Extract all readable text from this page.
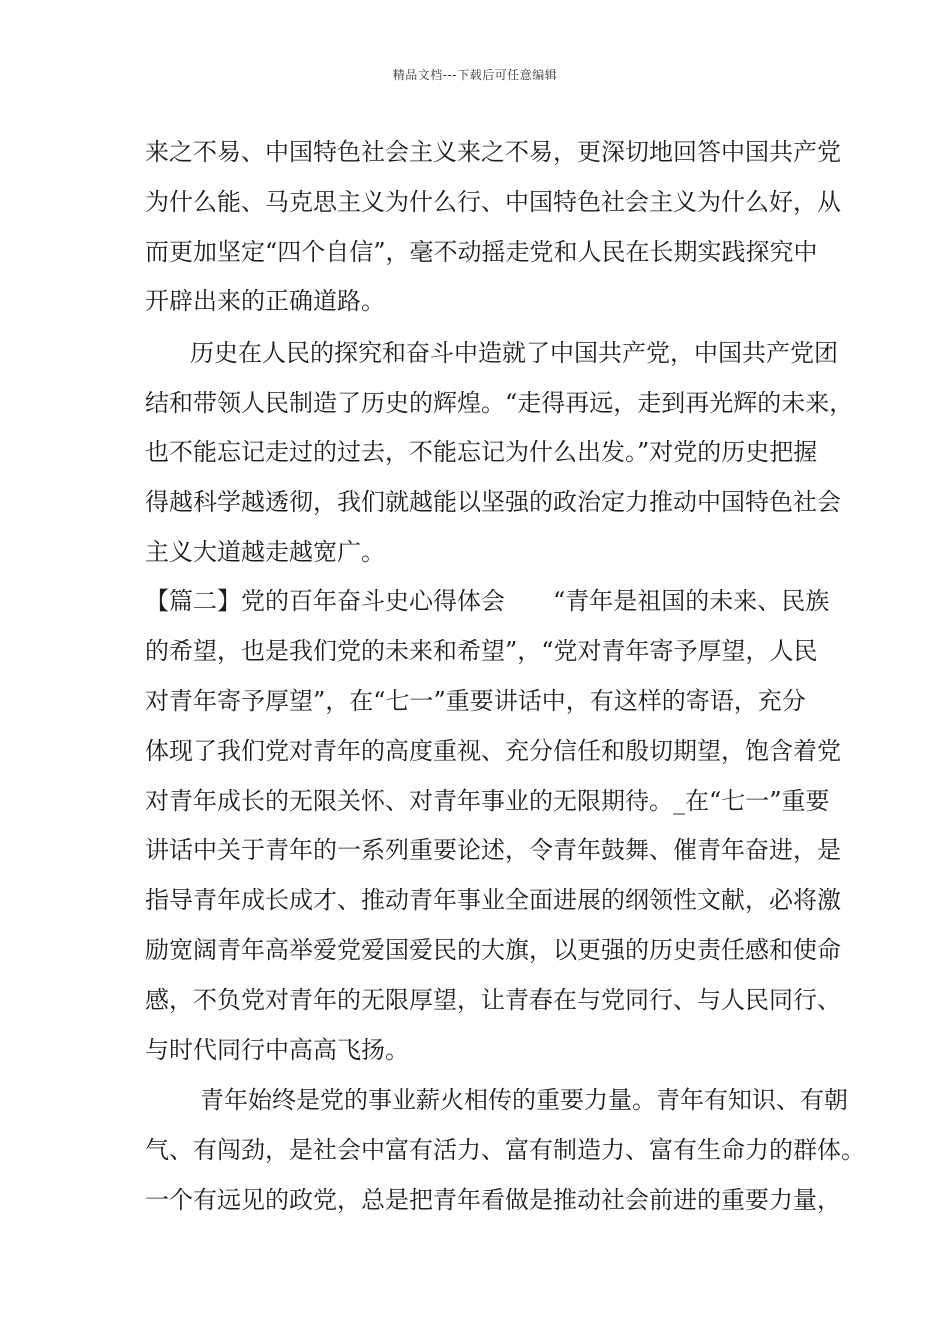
精品文档---下载后可任意编辑
来之不易、中国特色社会主义来之不易，更深切地回答中国共产党
为什么能、马克思主义为什么行、中国特色社会主义为什么好，从
而更加坚定“四个自信”，毫不动摇走党和人民在长期实践探究中
开辟出来的正确道路。
历史在人民的探究和奋斗中造就了中国共产党，中国共产党团
结和带领人民制造了历史的辉煌。“走得再远，走到再光辉的未来，
也不能忘记走过的过去，不能忘记为什么出发。”对党的历史把握
得越科学越透彻，我们就越能以坚强的政治定力推动中国特色社会
主义大道越走越宽广。
【篇二】党的百年奋斗史心得体会　　“青年是祖国的未来、民族
的希望，也是我们党的未来和希望”，“党对青年寄予厚望，人民
对青年寄予厚望”，在“七一”重要讲话中，有这样的寄语，充分
体现了我们党对青年的高度重视、充分信任和殷切期望，饱含着党
对青年成长的无限关怀、对青年事业的无限期待。_在“七一”重要
讲话中关于青年的一系列重要论述，令青年鼓舞、催青年奋进，是
指导青年成长成才、推动青年事业全面进展的纲领性文献，必将激
励宽阔青年高举爱党爱国爱民的大旗，以更强的历史责任感和使命
感，不负党对青年的无限厚望，让青春在与党同行、与人民同行、
与时代同行中高高飞扬。
青年始终是党的事业薪火相传的重要力量。青年有知识、有朝
气、有闯劲，是社会中富有活力、富有制造力、富有生命力的群体。
一个有远见的政党，总是把青年看做是推动社会前进的重要力量，
